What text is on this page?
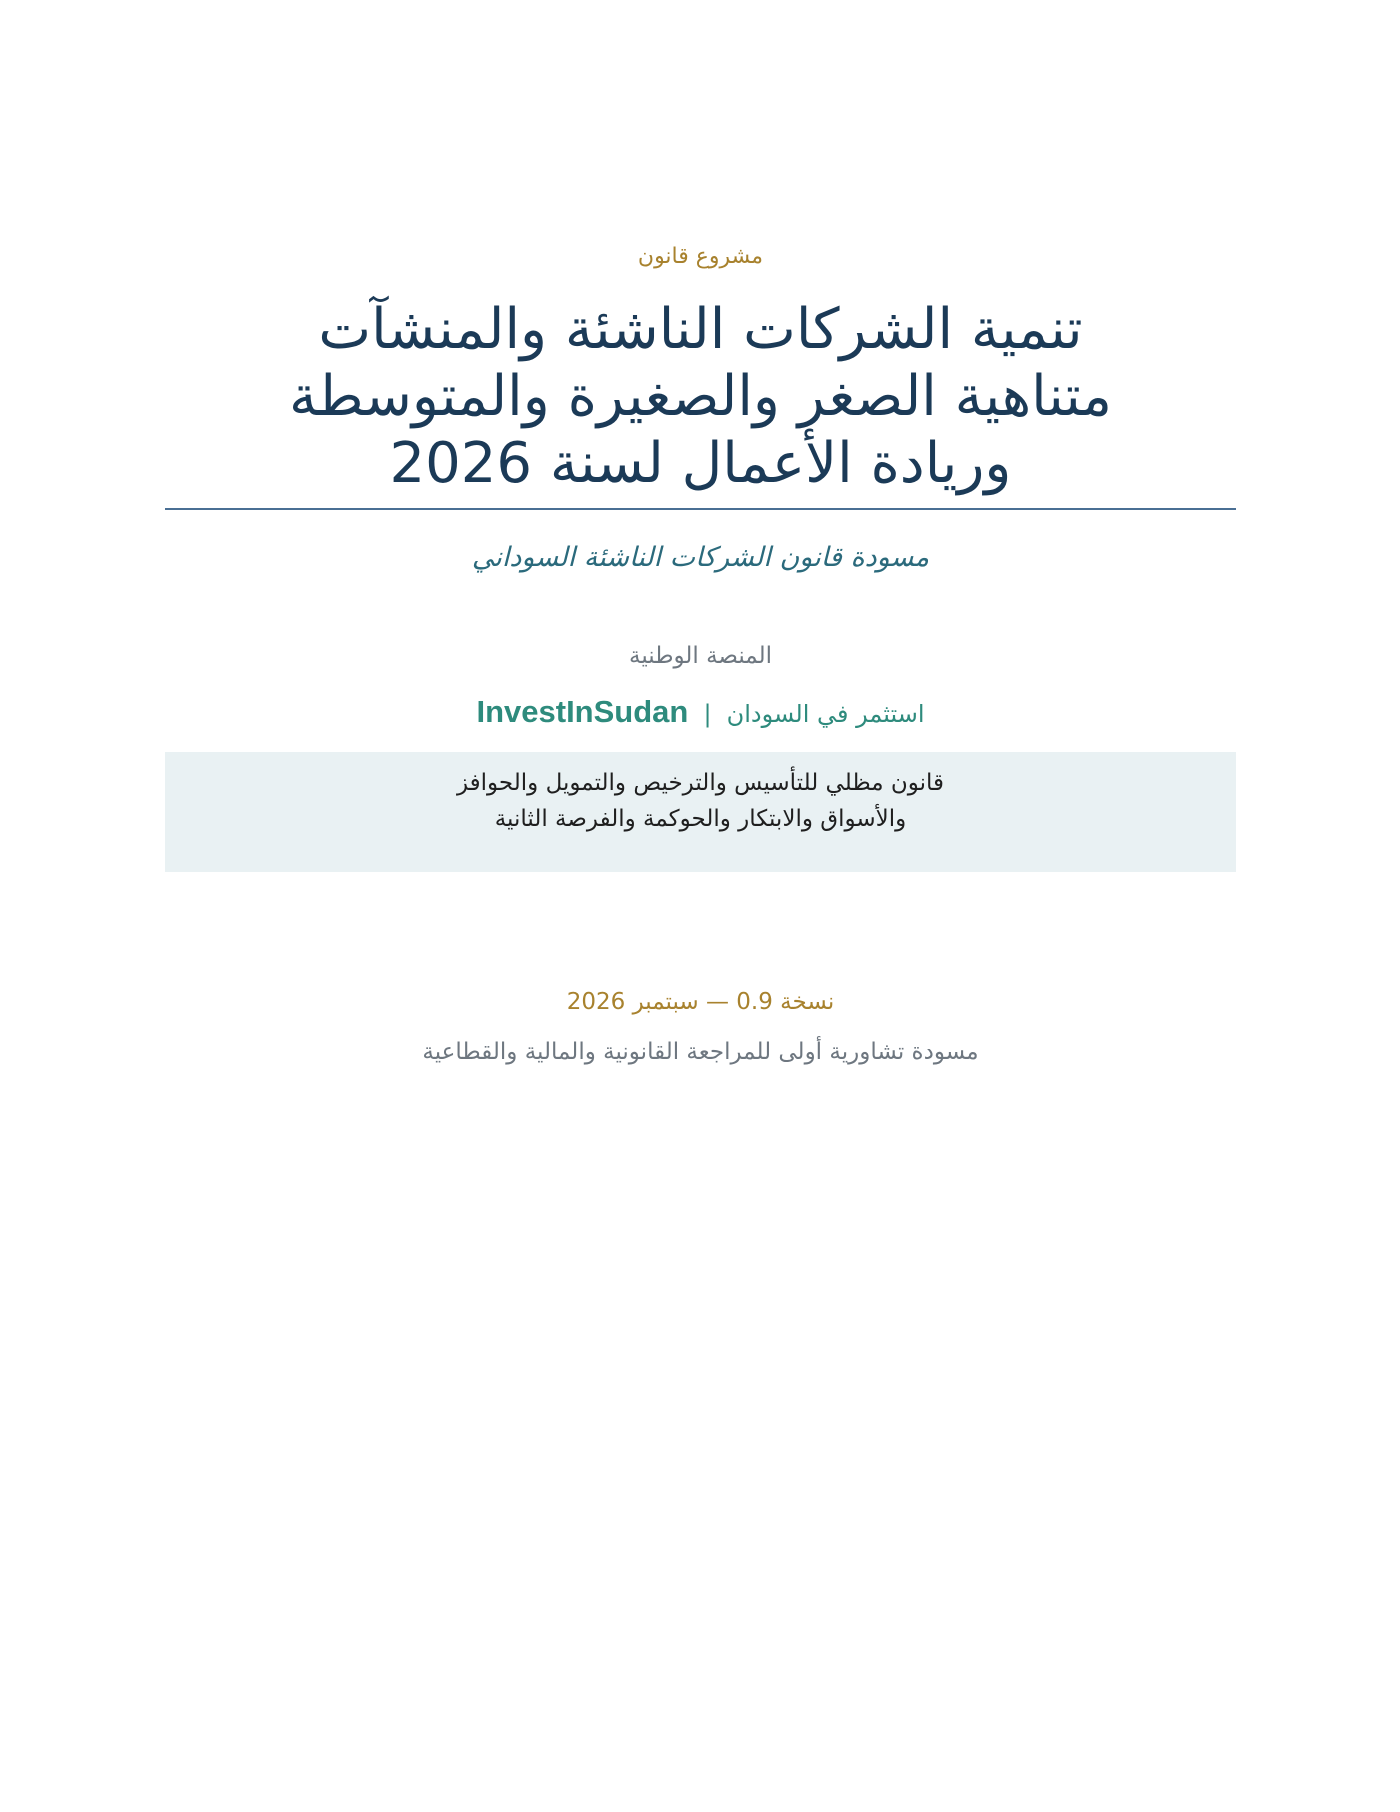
مشروع قانون
تنمية الشركات الناشئة والمنشآت
متناهية الصغر والصغيرة والمتوسطة
وريادة الأعمال لسنة 2026
مسودة قانون الشركات الناشئة السوداني
المنصة الوطنية
استثمر في السودان | InvestInSudan
قانون مظلي للتأسيس والترخيص والتمويل والحوافز
والأسواق والابتكار والحوكمة والفرصة الثانية
نسخة 0.9 — سبتمبر 2026
مسودة تشاورية أولى للمراجعة القانونية والمالية والقطاعية
